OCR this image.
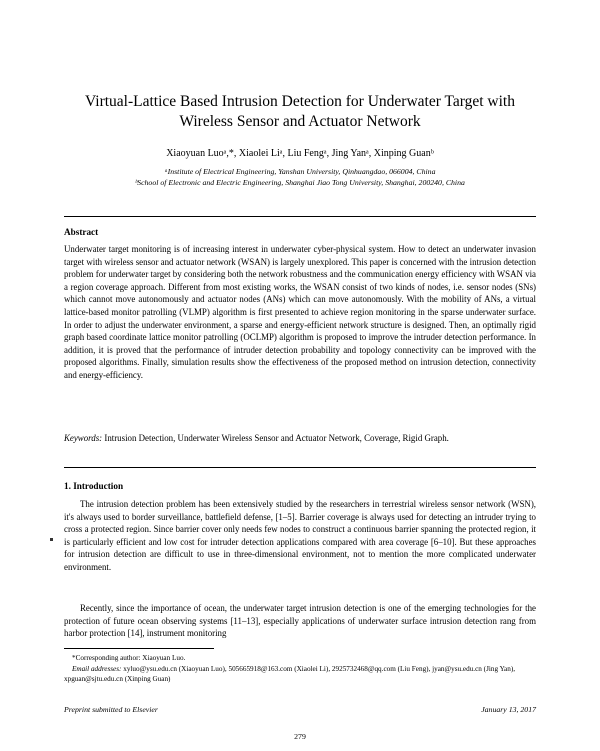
Virtual-Lattice Based Intrusion Detection for Underwater Target with Wireless Sensor and Actuator Network
Xiaoyuan Luoᵃ,*, Xiaolei Liᵃ, Liu Fengᵃ, Jing Yanᵃ, Xinping Guanᵇ
ᵃInstitute of Electrical Engineering, Yanshan University, Qinhuangdao, 066004, China
ᵇSchool of Electronic and Electric Engineering, Shanghai Jiao Tong University, Shanghai, 200240, China
Abstract

Underwater target monitoring is of increasing interest in underwater cyber-physical system. How to detect an underwater invasion target with wireless sensor and actuator network (WSAN) is largely unexplored. This paper is concerned with the intrusion detection problem for underwater target by considering both the network robustness and the communication energy efficiency with WSAN via a region coverage approach. Different from most existing works, the WSAN consist of two kinds of nodes, i.e. sensor nodes (SNs) which cannot move autonomously and actuator nodes (ANs) which can move autonomously. With the mobility of ANs, a virtual lattice-based monitor patrolling (VLMP) algorithm is first presented to achieve region monitoring in the sparse underwater surface. In order to adjust the underwater environment, a sparse and energy-efficient network structure is designed. Then, an optimally rigid graph based coordinate lattice monitor patrolling (OCLMP) algorithm is proposed to improve the intruder detection performance. In addition, it is proved that the performance of intruder detection probability and topology connectivity can be improved with the proposed algorithms. Finally, simulation results show the effectiveness of the proposed method on intrusion detection, connectivity and energy-efficiency.

Keywords: Intrusion Detection, Underwater Wireless Sensor and Actuator Network, Coverage, Rigid Graph.

1. Introduction

The intrusion detection problem has been extensively studied by the researchers in terrestrial wireless sensor network (WSN), it's always used to border surveillance, battlefield defense, [1–5]. Barrier coverage is always used for detecting an intruder trying to cross a protected region. Since barrier cover only needs few nodes to construct a continuous barrier spanning the protected region, it is particularly efficient and low cost for intruder detection applications compared with area coverage [6–10]. But these approaches for intrusion detection are difficult to use in three-dimensional environment, not to mention the more complicated underwater environment.

Recently, since the importance of ocean, the underwater target intrusion detection is one of the emerging technologies for the protection of future ocean observing systems [11–13], especially applications of underwater surface intrusion detection rang from harbor protection [14], instrument monitoring

*Corresponding author: Xiaoyuan Luo.

Email addresses: xyluo@ysu.edu.cn (Xiaoyuan Luo), 505665918@163.com (Xiaolei Li), 2925732468@qq.com (Liu Feng), jyan@ysu.edu.cn (Jing Yan), xpguan@sjtu.edu.cn (Xinping Guan)

Preprint submitted to Elsevier	January 13, 2017
279
